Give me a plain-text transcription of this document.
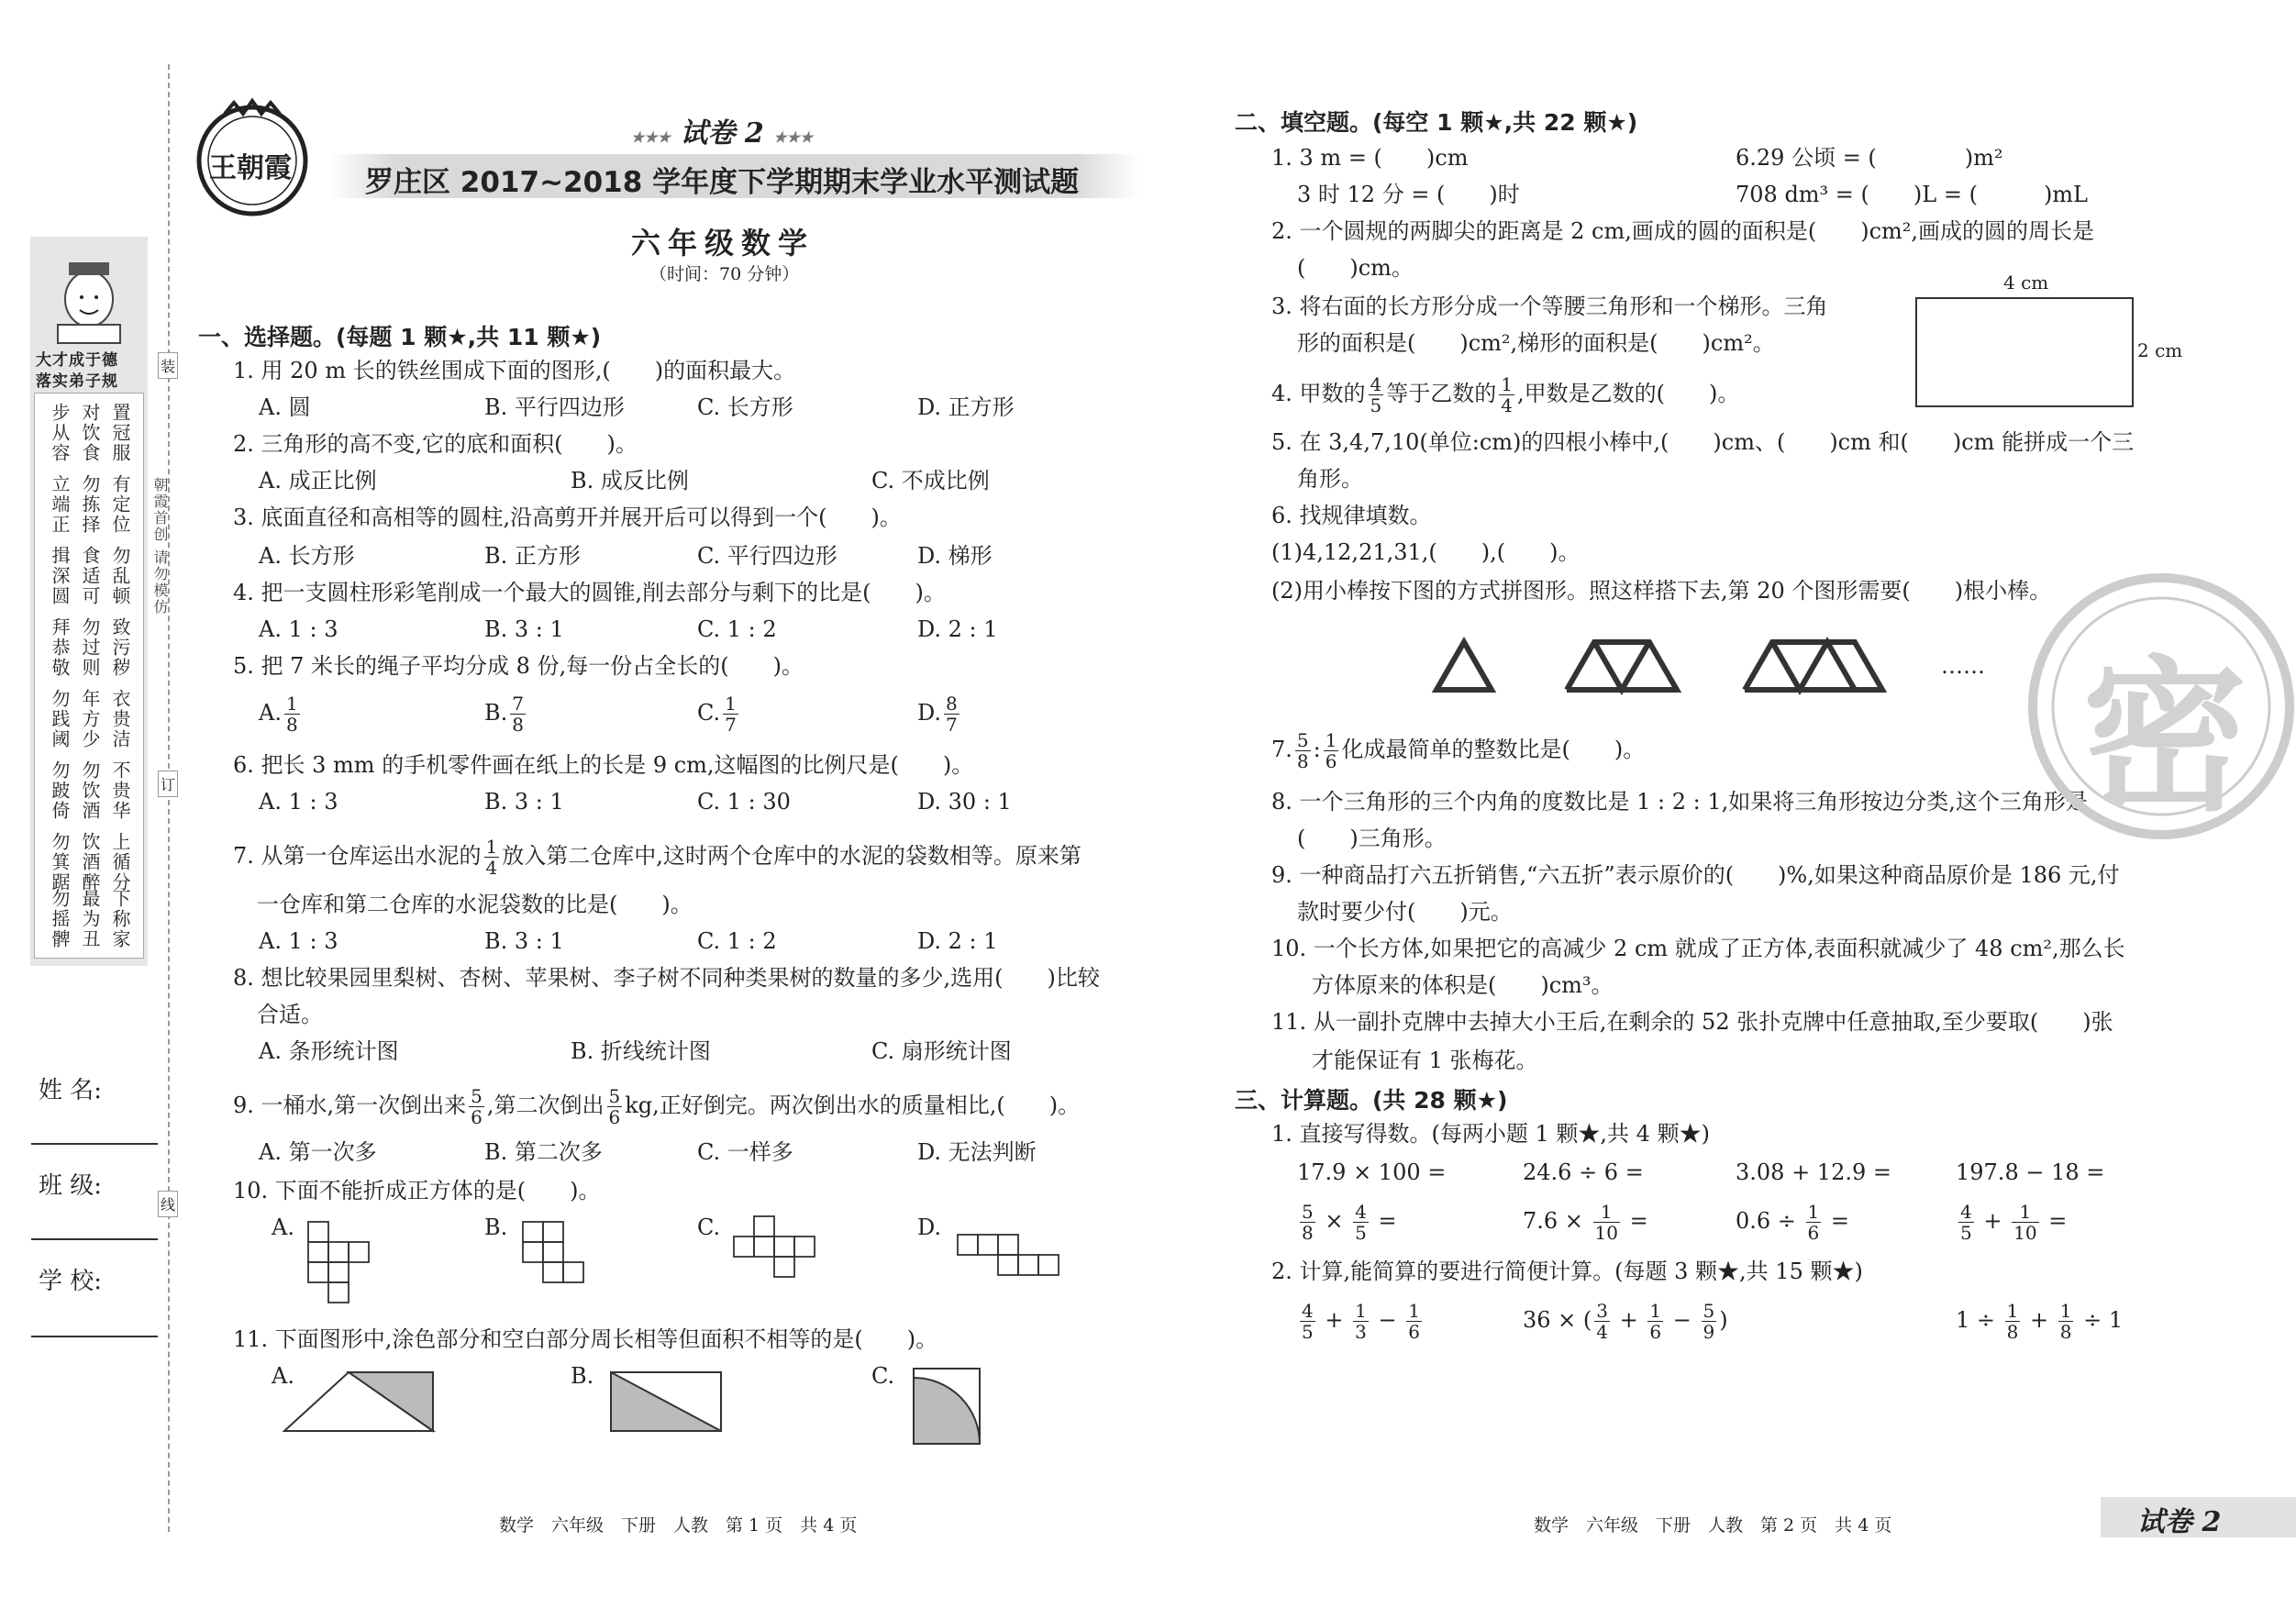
大才成于德
落实弟子规
步从容 对饮食 置冠服
立端正 勿拣择 有定位
揖深圆 食适可 勿乱顿
拜恭敬 勿过则 致污秽
勿践阈 年方少 衣贵洁
勿跛倚 勿饮酒 不贵华
勿箕踞 饮酒醉 上循分
勿摇髀 最为丑 下称家
装
订
线
朝霞首创 请勿模仿
姓 名:
班 级:
学 校:
王朝霞
★★★ 试卷 2 ★★★
罗庄区 2017~2018 学年度下学期期末学业水平测试题
六年级数学
（时间：70 分钟）
一、选择题。(每题 1 颗★,共 11 颗★)
1. 用 20 m 长的铁丝围成下面的图形,(　　)的面积最大。
A. 圆	B. 平行四边形	C. 长方形	D. 正方形
2. 三角形的高不变,它的底和面积(　　)。
A. 成正比例	B. 成反比例	C. 不成比例
3. 底面直径和高相等的圆柱,沿高剪开并展开后可以得到一个(　　)。
A. 长方形	B. 正方形	C. 平行四边形	D. 梯形
4. 把一支圆柱形彩笔削成一个最大的圆锥,削去部分与剩下的比是(　　)。
A. 1 : 3	B. 3 : 1	C. 1 : 2	D. 2 : 1
5. 把 7 米长的绳子平均分成 8 份,每一份占全长的(　　)。
A. $\frac{1}{8}$	B. $\frac{7}{8}$	C. $\frac{1}{7}$	D. $\frac{8}{7}$
6. 把长 3 mm 的手机零件画在纸上的长是 9 cm,这幅图的比例尺是(　　)。
A. 1 : 3	B. 3 : 1	C. 1 : 30	D. 30 : 1
7. 从第一仓库运出水泥的 $\frac{1}{4}$ 放入第二仓库中,这时两个仓库中的水泥的袋数相等。原来第
一仓库和第二仓库的水泥袋数的比是(　　)。
A. 1 : 3	B. 3 : 1	C. 1 : 2	D. 2 : 1
8. 想比较果园里梨树、杏树、苹果树、李子树不同种类果树的数量的多少,选用(　　)比较
合适。
A. 条形统计图	B. 折线统计图	C. 扇形统计图
9. 一桶水,第一次倒出来 $\frac{5}{6}$ ,第二次倒出 $\frac{5}{6}$ kg,正好倒完。两次倒出水的质量相比,(　　)。
A. 第一次多	B. 第二次多	C. 一样多	D. 无法判断
10. 下面不能折成正方体的是(　　)。
A.	B.	C.	D.
11. 下面图形中,涂色部分和空白部分周长相等但面积不相等的是(　　)。
A.	B.	C.
数学　六年级　下册　人教　第 1 页　共 4 页
二、填空题。(每空 1 颗★,共 22 颗★)
1. 3 m = (　　)cm	6.29 公顷 = (　　　　)m²
3 时 12 分 = (　　)时	708 dm³ = (　　)L = (　　　)mL
2. 一个圆规的两脚尖的距离是 2 cm,画成的圆的面积是(　　)cm²,画成的圆的周长是
(　　)cm。
3. 将右面的长方形分成一个等腰三角形和一个梯形。三角
形的面积是(　　)cm²,梯形的面积是(　　)cm²。
4 cm
2 cm
4. 甲数的 $\frac{4}{5}$ 等于乙数的 $\frac{1}{4}$ ,甲数是乙数的(　　)。
5. 在 3,4,7,10(单位:cm)的四根小棒中,(　　)cm、(　　)cm 和(　　)cm 能拼成一个三
角形。
6. 找规律填数。
(1)4,12,21,31,(　　),(　　)。
(2)用小棒按下图的方式拼图形。照这样搭下去,第 20 个图形需要(　　)根小棒。
……
7. $\frac{5}{8}$ : $\frac{1}{6}$ 化成最简单的整数比是(　　)。
8. 一个三角形的三个内角的度数比是 1 : 2 : 1,如果将三角形按边分类,这个三角形是
(　　)三角形。
9. 一种商品打六五折销售,“六五折”表示原价的(　　)%,如果这种商品原价是 186 元,付
款时要少付(　　)元。
10. 一个长方体,如果把它的高减少 2 cm 就成了正方体,表面积就减少了 48 cm²,那么长
方体原来的体积是(　　)cm³。
11. 从一副扑克牌中去掉大小王后,在剩余的 52 张扑克牌中任意抽取,至少要取(　　)张
才能保证有 1 张梅花。
三、计算题。(共 28 颗★)
1. 直接写得数。(每两小题 1 颗★,共 4 颗★)
17.9 × 100 =	24.6 ÷ 6 =	3.08 + 12.9 =	197.8 − 18 =
$\frac{5}{8} \times \frac{4}{5}$ =	$7.6 \times \frac{1}{10}$ =	$0.6 \div \frac{1}{6}$ =	$\frac{4}{5} + \frac{1}{10}$ =
2. 计算,能简算的要进行简便计算。(每题 3 颗★,共 15 颗★)
$\frac{4}{5} + \frac{1}{3} - \frac{1}{6}$	36 × ( $\frac{3}{4} + \frac{1}{6} - \frac{5}{9}$ )	$1 \div \frac{1}{8} + \frac{1}{8} \div 1$
密
数学　六年级　下册　人教　第 2 页　共 4 页	试卷 2
